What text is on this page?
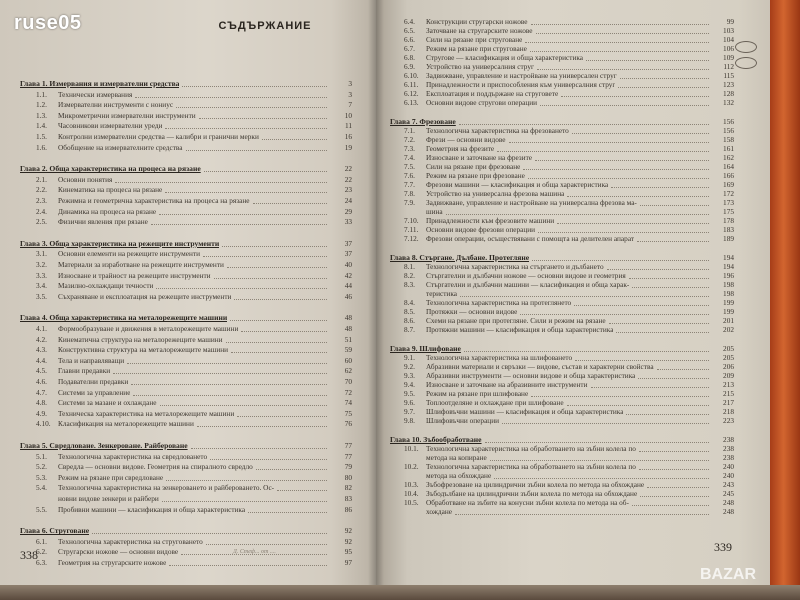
СЪДЪРЖАНИЕ
Глава 1. Измервания и измервателни средства	3
1.1. Технически измервания	3
1.2. Измервателни инструменти с нониус	7
1.3. Микрометрични измервателни инструменти	10
1.4. Часовникови измервателни уреди	11
1.5. Контролни измервателни средства — калибри и гранични мерки	16
1.6. Обобщение на измервателните средства	19
Глава 2. Обща характеристика на процеса на рязане	22
2.1. Основни понятия	22
2.2. Кинематика на процеса на рязане	23
2.3. Режимна и геометрична характеристика на процеса на рязане	24
2.4. Динамика на процеса на рязане	29
2.5. Физични явления при рязане	33
Глава 3. Обща характеристика на режещите инструменти	37
3.1. Основни елементи на режещите инструменти	37
3.2. Материали за изработване на режещите инструменти	40
3.3. Износване и трайност на режещите инструменти	42
3.4. Мазилно-охлаждащи течности	44
3.5. Съхраняване и експлоатация на режещите инструменти	46
Глава 4. Обща характеристика на металорежещите машини	48
4.1. Формообразуване и движения в металорежещите машини	48
4.2. Кинематична структура на металорежещите машини	51
4.3. Конструктивна структура на металорежещите машини	59
4.4. Тела и направляващи	60
4.5. Главни предавки	62
4.6. Подавателни предавки	70
4.7. Системи за управление	72
4.8. Системи за мазане и охлаждане	74
4.9. Техническа характеристика на металорежещите машини	75
4.10. Класификация на металорежещите машини	76
Глава 5. Свредловане. Зенкероване. Райбероване	77
5.1. Технологична характеристика на свредловането	77
5.2. Свредла — основни видове. Геометрия на спиралното свредло	79
5.3. Режим на рязане при свредловане	80
5.4. Технологична характеристика на зенкероването и райбероването. Ос-	82
новни видове зенкери и райбери	83
5.5. Пробивни машини — класификация и обща характеристика	86
Глава 6. Струговане	92
6.1. Технологична характеристика на струговането	92
6.2. Стругарски ножове — основни видове	95
6.3. Геометрия на стругарските ножове	97
338	Д. Стеф... от ....
6.4. Конструкции стругарски ножове	99
6.5. Заточване на стругарските ножове	103
6.6. Сили на рязане при струговане	104
6.7. Режим на рязане при струговане	106
6.8. Стругове — класификация и обща характеристика	109
6.9. Устройство на универсалния струг	112
6.10. Задвижване, управление и настройване на универсален струг	115
6.11. Принадлежности и приспособления към универсалния струг	123
6.12. Експлоатация и поддържане на струговете	128
6.13. Основни видове стругови операции	132
Глава 7. Фрезоване	156
7.1. Технологична характеристика на фрезоването	156
7.2. Фрези — основни видове	158
7.3. Геометрия на фрезите	161
7.4. Износване и заточване на фрезите	162
7.5. Сили на рязане при фрезоване	164
7.6. Режим на рязане при фрезоване	166
7.7. Фрезови машини — класификация и обща характеристика	169
7.8. Устройство на универсална фрезова машина	172
7.9. Задвижване, управление и настройване на универсална фрезова ма-	173
шина	175
7.10. Принадлежности към фрезовите машини	178
7.11. Основни видове фрезови операции	183
7.12. Фрезови операции, осъществявани с помощта на делителен апарат	189
Глава 8. Стъргане. Дълбане. Протегляне	194
8.1. Технологична характеристика на стъргането и дълбането	194
8.2. Стъргателни и дълбачни ножове — основни видове и геометрия	196
8.3. Стъргателни и дълбачни машини — класификация и обща харак-	198
теристика	198
8.4. Технологична характеристика на протеглянето	199
8.5. Протяжки — основни видове	199
8.6. Схеми на рязане при протегляне. Сили и режим на рязане	201
8.7. Протяжни машини — класификация и обща характеристика	202
Глава 9. Шлифоване	205
9.1. Технологична характеристика на шлифоването	205
9.2. Абразивни материали и свръзки — видове, състав и характерни свойства	206
9.3. Абразивни инструменти — основни видове и обща характеристика	209
9.4. Износване и заточване на абразивните инструменти	213
9.5. Режим на рязане при шлифоване	215
9.6. Топлоотделяне и охлаждане при шлифоване	217
9.7. Шлифовъчни машини — класификация и обща характеристика	218
9.8. Шлифовъчни операции	223
Глава 10. Зъбообработване	238
10.1. Технологична характеристика на обработването на зъбни колела по	238
метода на копиране	238
10.2. Технологична характеристика на обработването на зъбни колела по	240
метода на обхождане	240
10.3. Зъбофрезоване на цилиндрични зъбни колела по метода на обхождане	243
10.4. Зъбодълбане на цилиндрични зъбни колела по метода на обхождане	245
10.5. Обработване на зъбите на конусни зъбни колела по метода на об-	248
хождане	248
339
ruse05
BAZAR
